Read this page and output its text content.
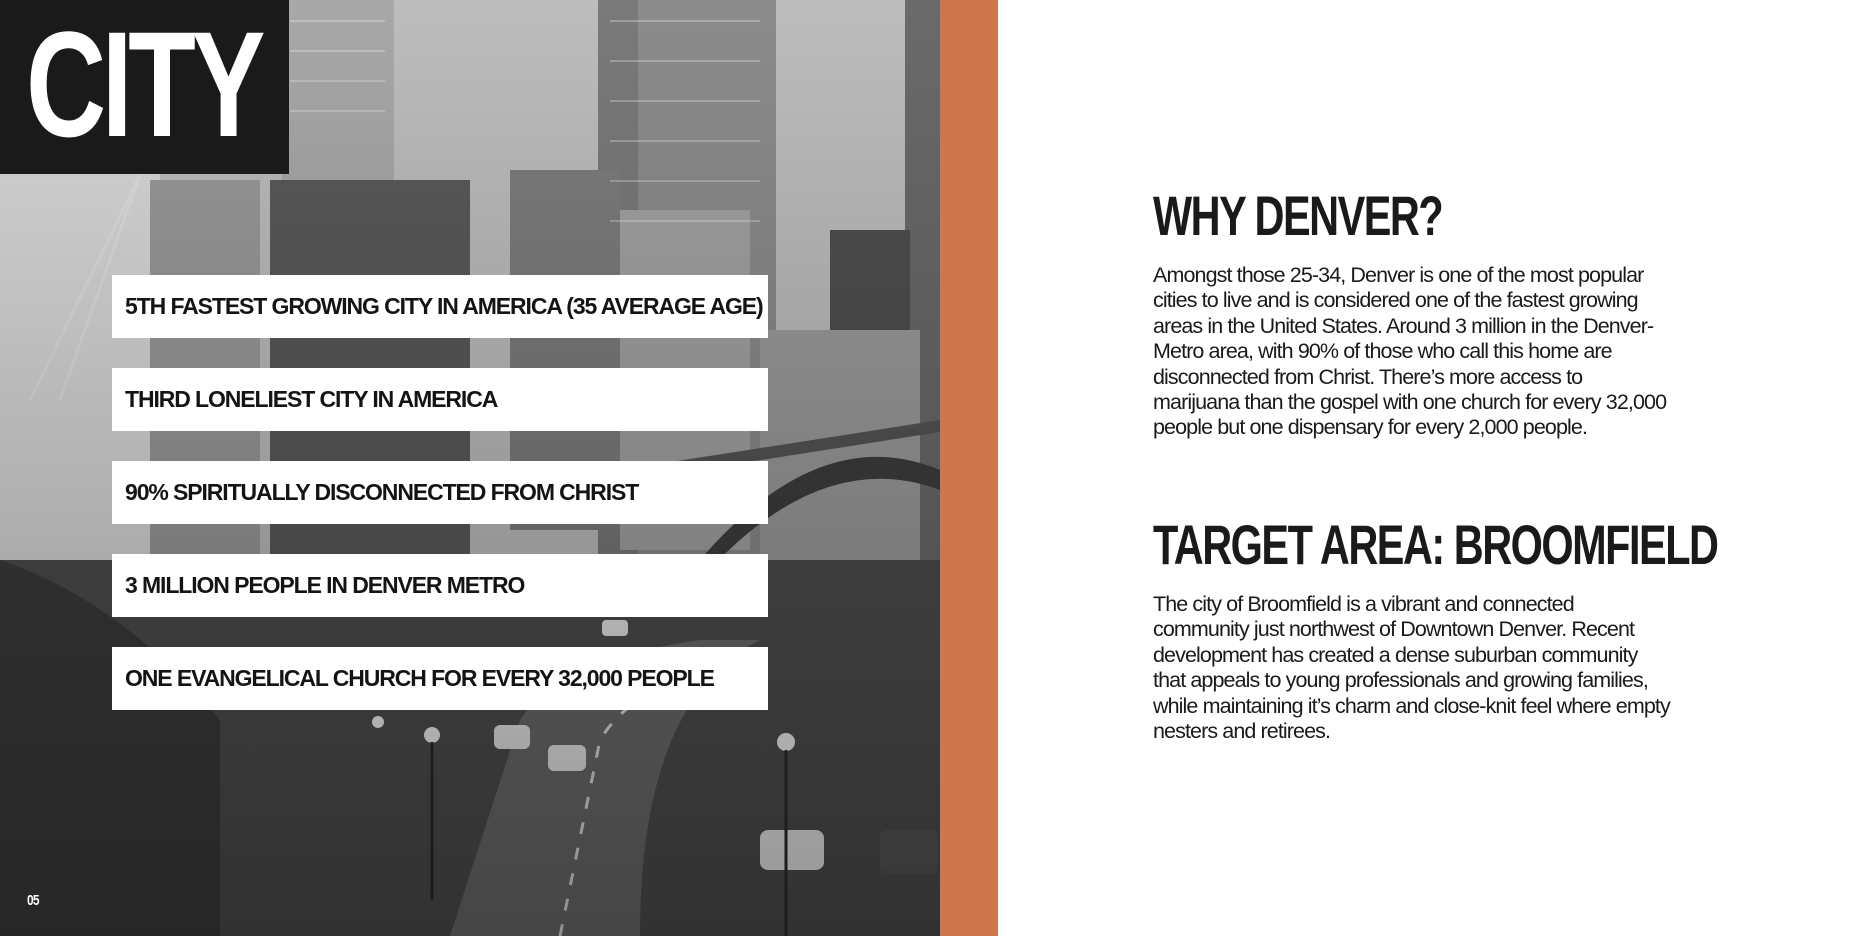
CITY
5TH FASTEST GROWING CITY IN AMERICA (35 AVERAGE AGE)
THIRD LONELIEST CITY IN AMERICA
90% SPIRITUALLY DISCONNECTED FROM CHRIST
3 MILLION PEOPLE IN DENVER METRO
ONE EVANGELICAL CHURCH FOR EVERY 32,000 PEOPLE
05
WHY DENVER?
Amongst those 25-34, Denver is one of the most popular cities to live and is considered one of the fastest growing areas in the United States. Around 3 million in the Denver-Metro area, with 90% of those who call this home are disconnected from Christ. There’s more access to marijuana than the gospel with one church for every 32,000 people but one dispensary for every 2,000 people.
TARGET AREA: BROOMFIELD
The city of Broomfield is a vibrant and connected community just northwest of Downtown Denver. Recent development has created a dense suburban community that appeals to young professionals and growing families, while maintaining it’s charm and close-knit feel where empty nesters and retirees.
